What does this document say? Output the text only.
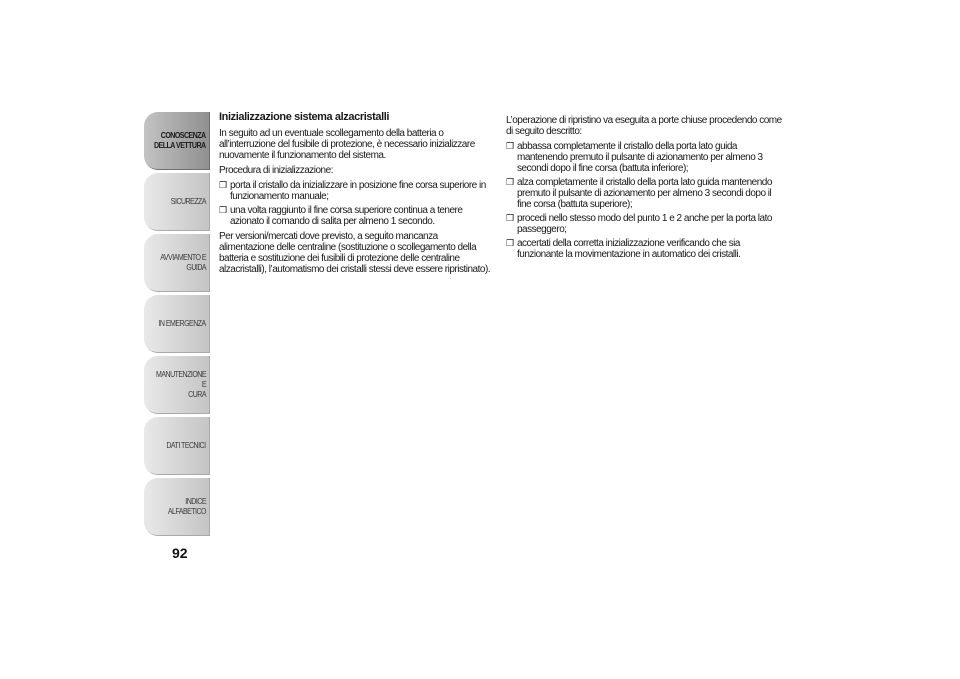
CONOSCENZA
DELLA VETTURA
SICUREZZA
AVVIAMENTO E
GUIDA
IN EMERGENZA
MANUTENZIONE E
CURA
DATI TECNICI
INDICE ALFABETICO
92
Inizializzazione sistema alzacristalli

In seguito ad un eventuale scollegamento della batteria o all’interruzione del fusibile di protezione, è necessario inizializzare nuovamente il funzionamento del sistema.

Procedura di inizializzazione:

❒ porta il cristallo da inizializzare in posizione fine corsa superiore in funzionamento manuale;
❒ una volta raggiunto il fine corsa superiore continua a tenere azionato il comando di salita per almeno 1 secondo.

Per versioni/mercati dove previsto, a seguito mancanza alimentazione delle centraline (sostituzione o scollegamento della batteria e sostituzione dei fusibili di protezione delle centraline alzacristalli), l’automatismo dei cristalli stessi deve essere ripristinato).

L’operazione di ripristino va eseguita a porte chiuse procedendo come di seguito descritto:

❒ abbassa completamente il cristallo della porta lato guida mantenendo premuto il pulsante di azionamento per almeno 3 secondi dopo il fine corsa (battuta inferiore);
❒ alza completamente il cristallo della porta lato guida mantenendo premuto il pulsante di azionamento per almeno 3 secondi dopo il fine corsa (battuta superiore);
❒ procedi nello stesso modo del punto 1 e 2 anche per la porta lato passeggero;
❒ accertati della corretta inizializzazione verificando che sia funzionante la movimentazione in automatico dei cristalli.
